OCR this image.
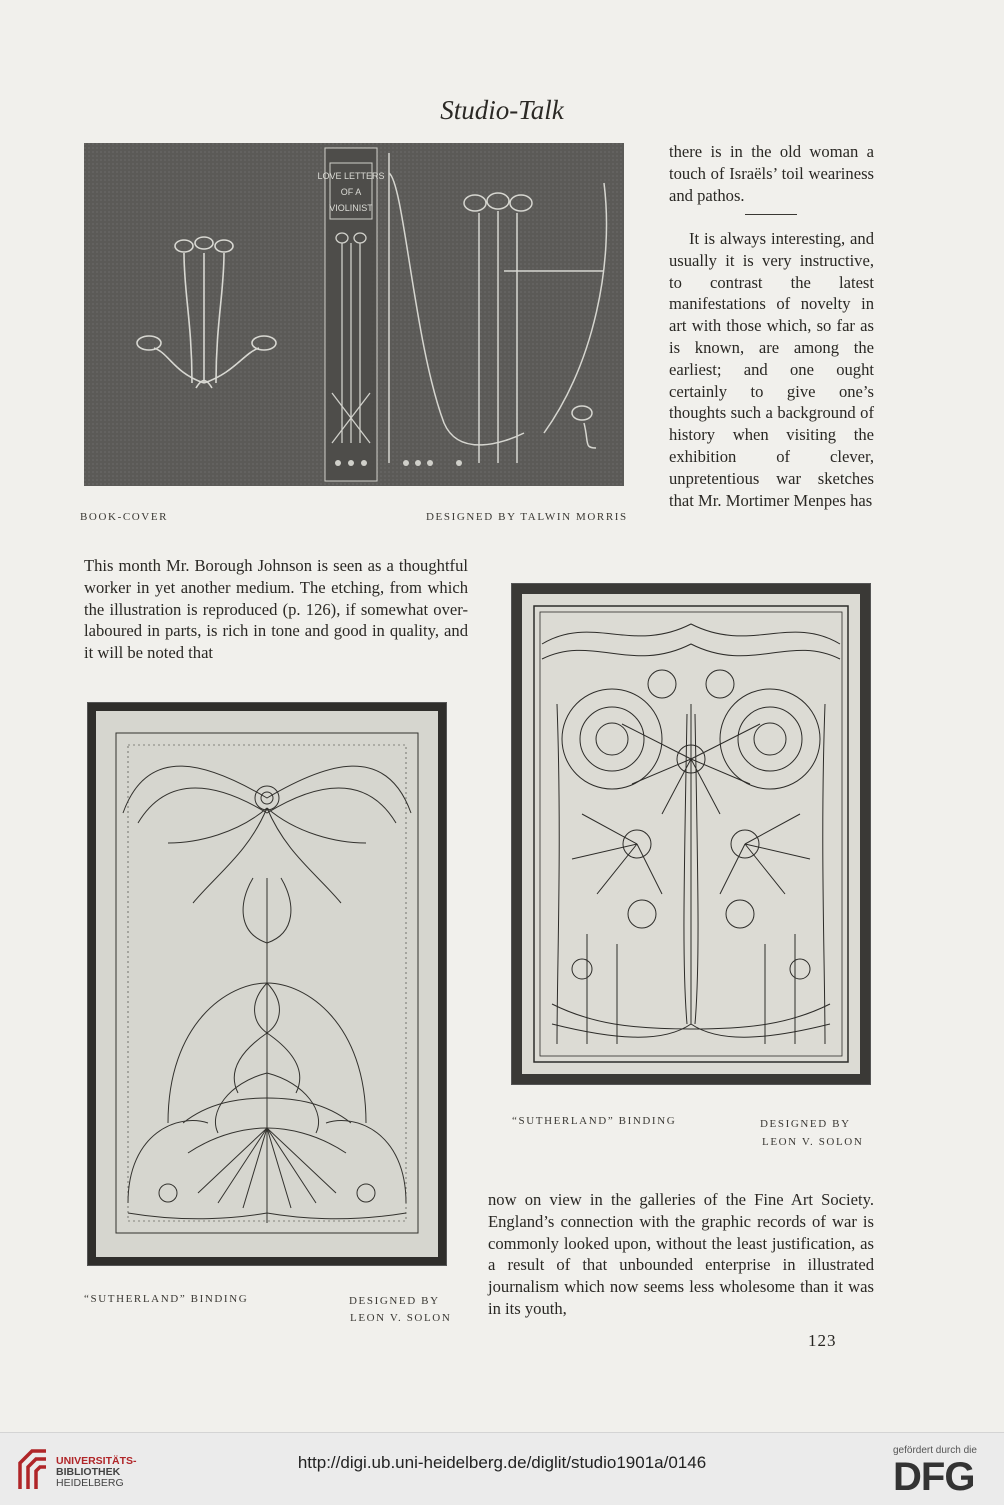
Studio-Talk
LOVE LETTERS
OF A
VIOLINIST
BOOK-COVER	DESIGNED BY TALWIN MORRIS

there is in the old woman a touch of Israëls’ toil weariness and pathos.

It is always interesting, and usually it is very instructive, to contrast the latest manifestations of novelty in art with those which, so far as is known, are among the earliest; and one ought certainly to give one’s thoughts such a background of history when visiting the exhibition of clever, unpretentious war sketches that Mr. Mortimer Menpes has

This month Mr. Borough Johnson is seen as a thoughtful worker in yet another medium. The etching, from which the illustration is reproduced (p. 126), if somewhat over-laboured in parts, is rich in tone and good in quality, and it will be noted that

“SUTHERLAND” BINDING	DESIGNED BY
LEON V. SOLON
“SUTHERLAND” BINDING	DESIGNED BY
LEON V. SOLON

now on view in the galleries of the Fine Art Society. England’s connection with the graphic records of war is commonly looked upon, without the least justification, as a result of that unbounded enterprise in illustrated journalism which now seems less wholesome than it was in its youth,

123
UNIVERSITÄTS-
BIBLIOTHEK
HEIDELBERG
http://digi.ub.uni-heidelberg.de/diglit/studio1901a/0146
gefördert durch die
DFG
